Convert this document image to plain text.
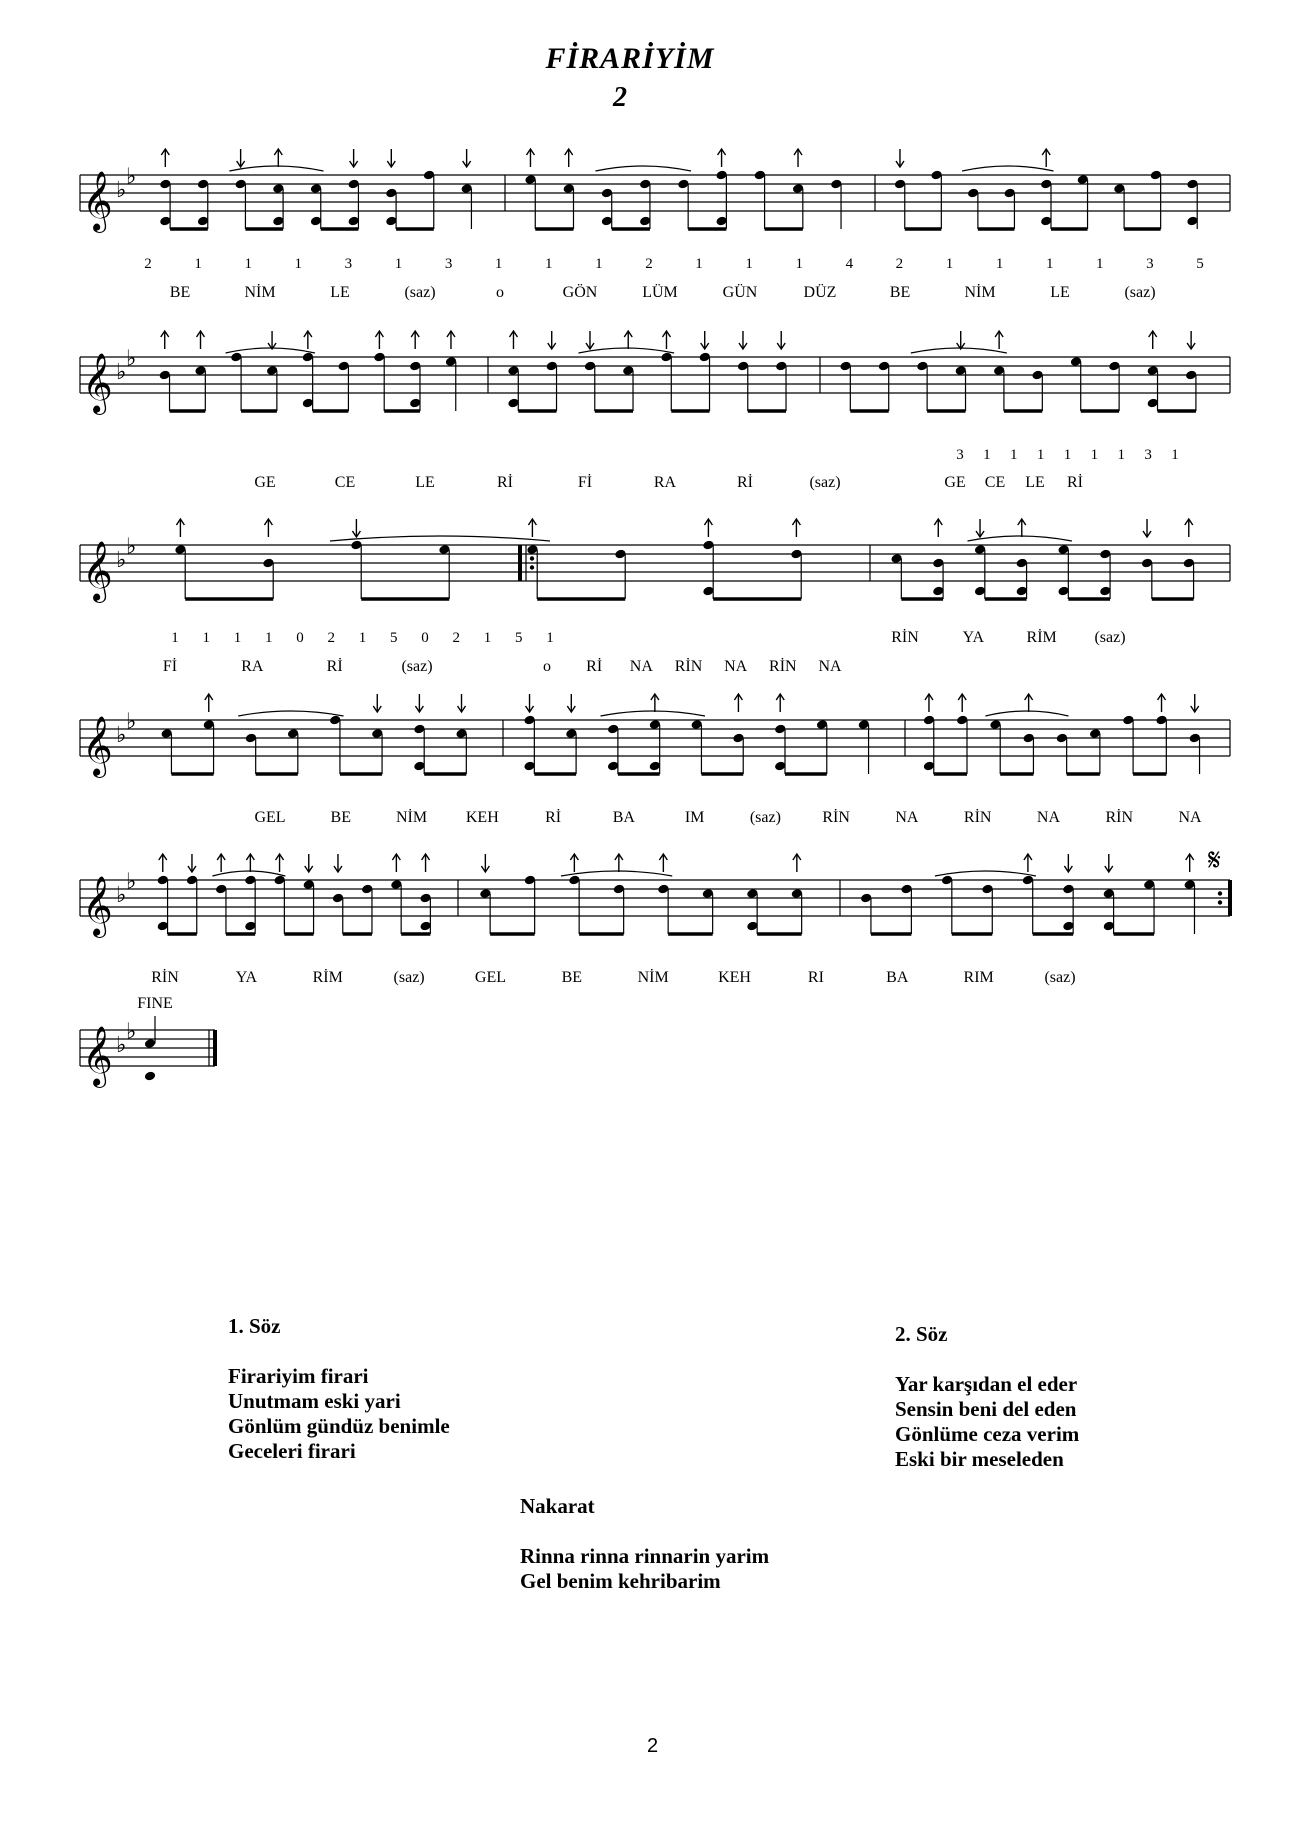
FİRARİYİM
2
𝄞 ♭
♭
𝄞 ♭
♭
𝄞 ♭
♭
𝄞 ♭
♭
𝄞 ♭
♭
𝄞 ♭
♭
2	1	1	1	3	1	3	1	1	1	2	1	1	1	4	2	1	1	1	1	3	5
BE	NİM	LE	(saz)	o	GÖN	LÜM	GÜN	DÜZ	BE	NİM	LE	(saz)
3 1 1 1 1 1 1 3 1
GE	CE	LE	Rİ	Fİ	RA	Rİ	(saz)	GE CE LE Rİ
1 1 1 1 0 2 1 5 0 2 1 5 1	RİN	YA	RİM (saz)
Fİ	RA	Rİ	(saz)	o Rİ NA RİN NA RİN NA
GEL	BE	NİM KEH	Rİ	BA	IM	(saz)	RİN	NA	RİN	NA	RİN	NA
𝄋
RİN	YA	RİM	(saz)	GEL	BE	NİM	KEH	RI	BA	RIM	(saz)
FINE
1. Söz
Firariyim firari
Unutmam eski yari
Gönlüm gündüz benimle
Geceleri firari
Nakarat
Rinna rinna rinnarin yarim
Gel benim kehribarim
2. Söz
Yar karşıdan el eder
Sensin beni del eden
Gönlüme ceza verim
Eski bir meseleden
2
